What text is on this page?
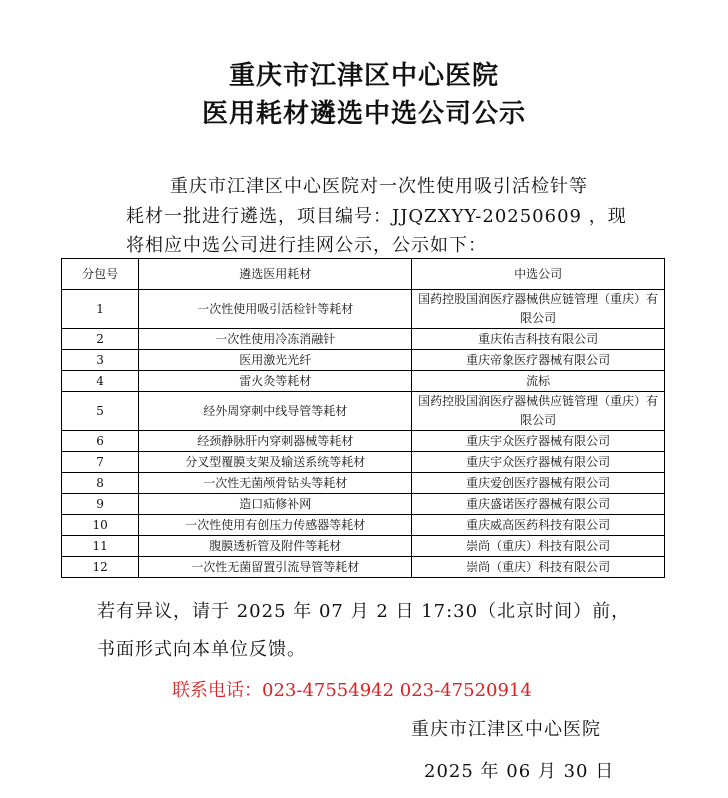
重庆市江津区中心医院
医用耗材遴选中选公司公示
重庆市江津区中心医院对一次性使用吸引活检针等
耗材一批进行遴选，项目编号：JJQZXYY-20250609 ，现
将相应中选公司进行挂网公示，公示如下：
分包号	遴选医用耗材	中选公司
1	一次性使用吸引活检针等耗材	国药控股国润医疗器械供应链管理（重庆）有限公司
2	一次性使用冷冻消融针	重庆佑吉科技有限公司
3	医用激光光纤	重庆帝象医疗器械有限公司
4	雷火灸等耗材	流标
5	经外周穿刺中线导管等耗材	国药控股国润医疗器械供应链管理（重庆）有限公司
6	经颈静脉肝内穿刺器械等耗材	重庆宇众医疗器械有限公司
7	分叉型覆膜支架及输送系统等耗材	重庆宇众医疗器械有限公司
8	一次性无菌颅骨钻头等耗材	重庆爱创医疗器械有限公司
9	造口疝修补网	重庆盛诺医疗器械有限公司
10	一次性使用有创压力传感器等耗材	重庆威高医药科技有限公司
11	腹膜透析管及附件等耗材	崇尚（重庆）科技有限公司
12	一次性无菌留置引流导管等耗材	崇尚（重庆）科技有限公司
若有异议，请于 2025 年 07 月 2 日 17:30（北京时间）前，
书面形式向本单位反馈。
联系电话：023-47554942 023-47520914
重庆市江津区中心医院
2025 年 06 月 30 日
